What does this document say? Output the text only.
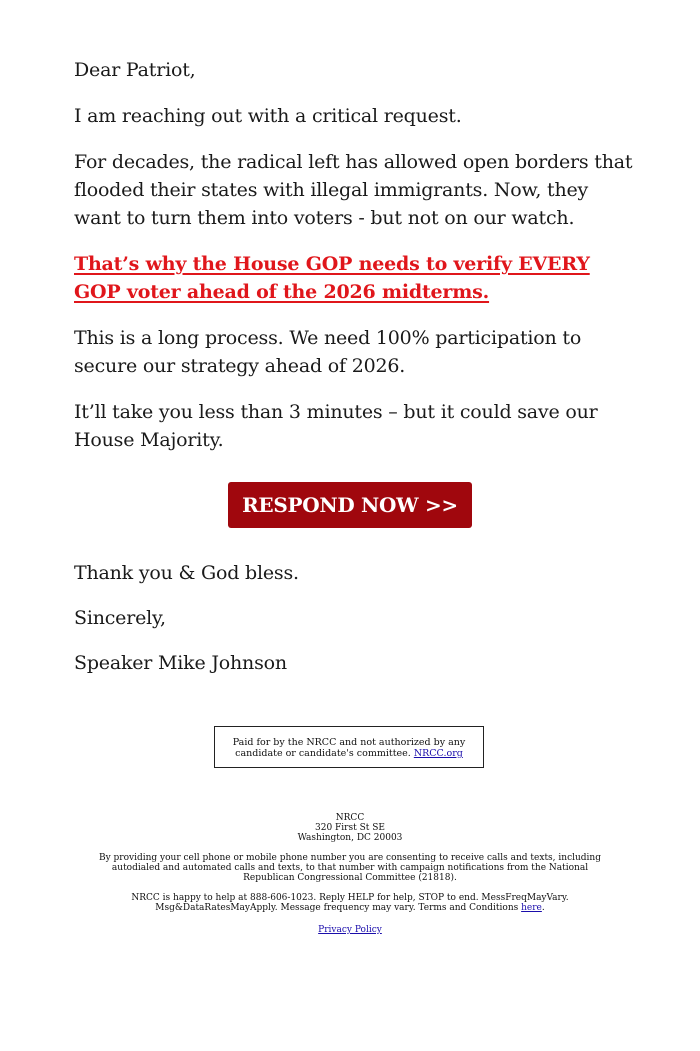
Dear Patriot,

I am reaching out with a critical request.

For decades, the radical left has allowed open borders that flooded their states with illegal immigrants. Now, they want to turn them into voters - but not on our watch.

That’s why the House GOP needs to verify EVERY GOP voter ahead of the 2026 midterms.

This is a long process. We need 100% participation to secure our strategy ahead of 2026.

It’ll take you less than 3 minutes – but it could save our House Majority.

RESPOND NOW >>

Thank you & God bless.

Sincerely,

Speaker Mike Johnson

Paid for by the NRCC and not authorized by any candidate or candidate's committee. NRCC.org
NRCC
320 First St SE
Washington, DC 20003

By providing your cell phone or mobile phone number you are consenting to receive calls and texts, including autodialed and automated calls and texts, to that number with campaign notifications from the National Republican Congressional Committee (21818).

NRCC is happy to help at 888-606-1023. Reply HELP for help, STOP to end. MessFreqMayVary. Msg&DataRatesMayApply. Message frequency may vary. Terms and Conditions here.

Privacy Policy
